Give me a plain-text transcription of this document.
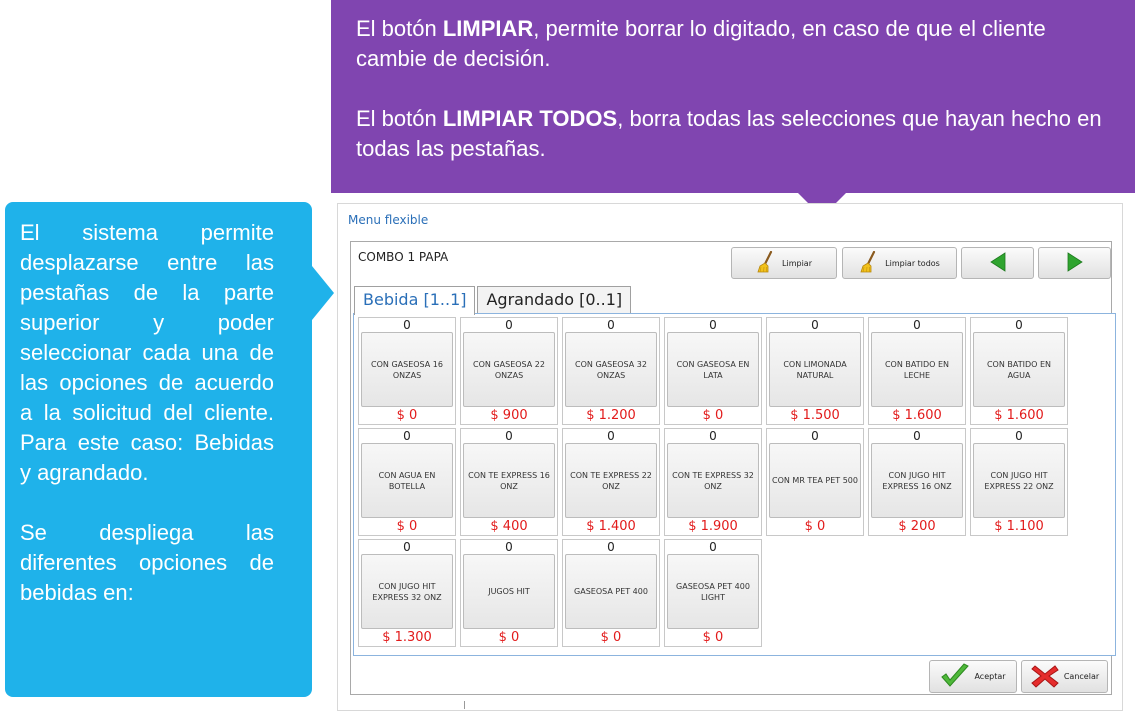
El botón LIMPIAR, permite borrar lo digitado, en caso de que el cliente cambie de decisión.

El botón LIMPIAR TODOS, borra todas las selecciones que hayan hecho en todas las pestañas.

El sistema permite desplazarse entre las pestañas de la parte superior y poder seleccionar cada una de las opciones de acuerdo a la solicitud del cliente. Para este caso: Bebidas y agrandado.

Se despliega las diferentes opciones de bebidas en:

Menu flexible
COMBO 1 PAPA	Limpiar	Limpiar todos
Bebida [1..1]	Agrandado [0..1]
0
CON GASEOSA 16 ONZAS
$ 0
0
CON GASEOSA 22 ONZAS
$ 900
0
CON GASEOSA 32 ONZAS
$ 1.200
0
CON GASEOSA EN LATA
$ 0
0
CON LIMONADA NATURAL
$ 1.500
0
CON BATIDO EN LECHE
$ 1.600
0
CON BATIDO EN AGUA
$ 1.600
0
CON AGUA EN BOTELLA
$ 0
0
CON TE EXPRESS 16 ONZ
$ 400
0
CON TE EXPRESS 22 ONZ
$ 1.400
0
CON TE EXPRESS 32 ONZ
$ 1.900
0
CON MR TEA PET 500
$ 0
0
CON JUGO HIT EXPRESS 16 ONZ
$ 200
0
CON JUGO HIT EXPRESS 22 ONZ
$ 1.100
0
CON JUGO HIT EXPRESS 32 ONZ
$ 1.300
0
JUGOS HIT
$ 0
0
GASEOSA PET 400
$ 0
0
GASEOSA PET 400 LIGHT
$ 0
Aceptar	Cancelar
